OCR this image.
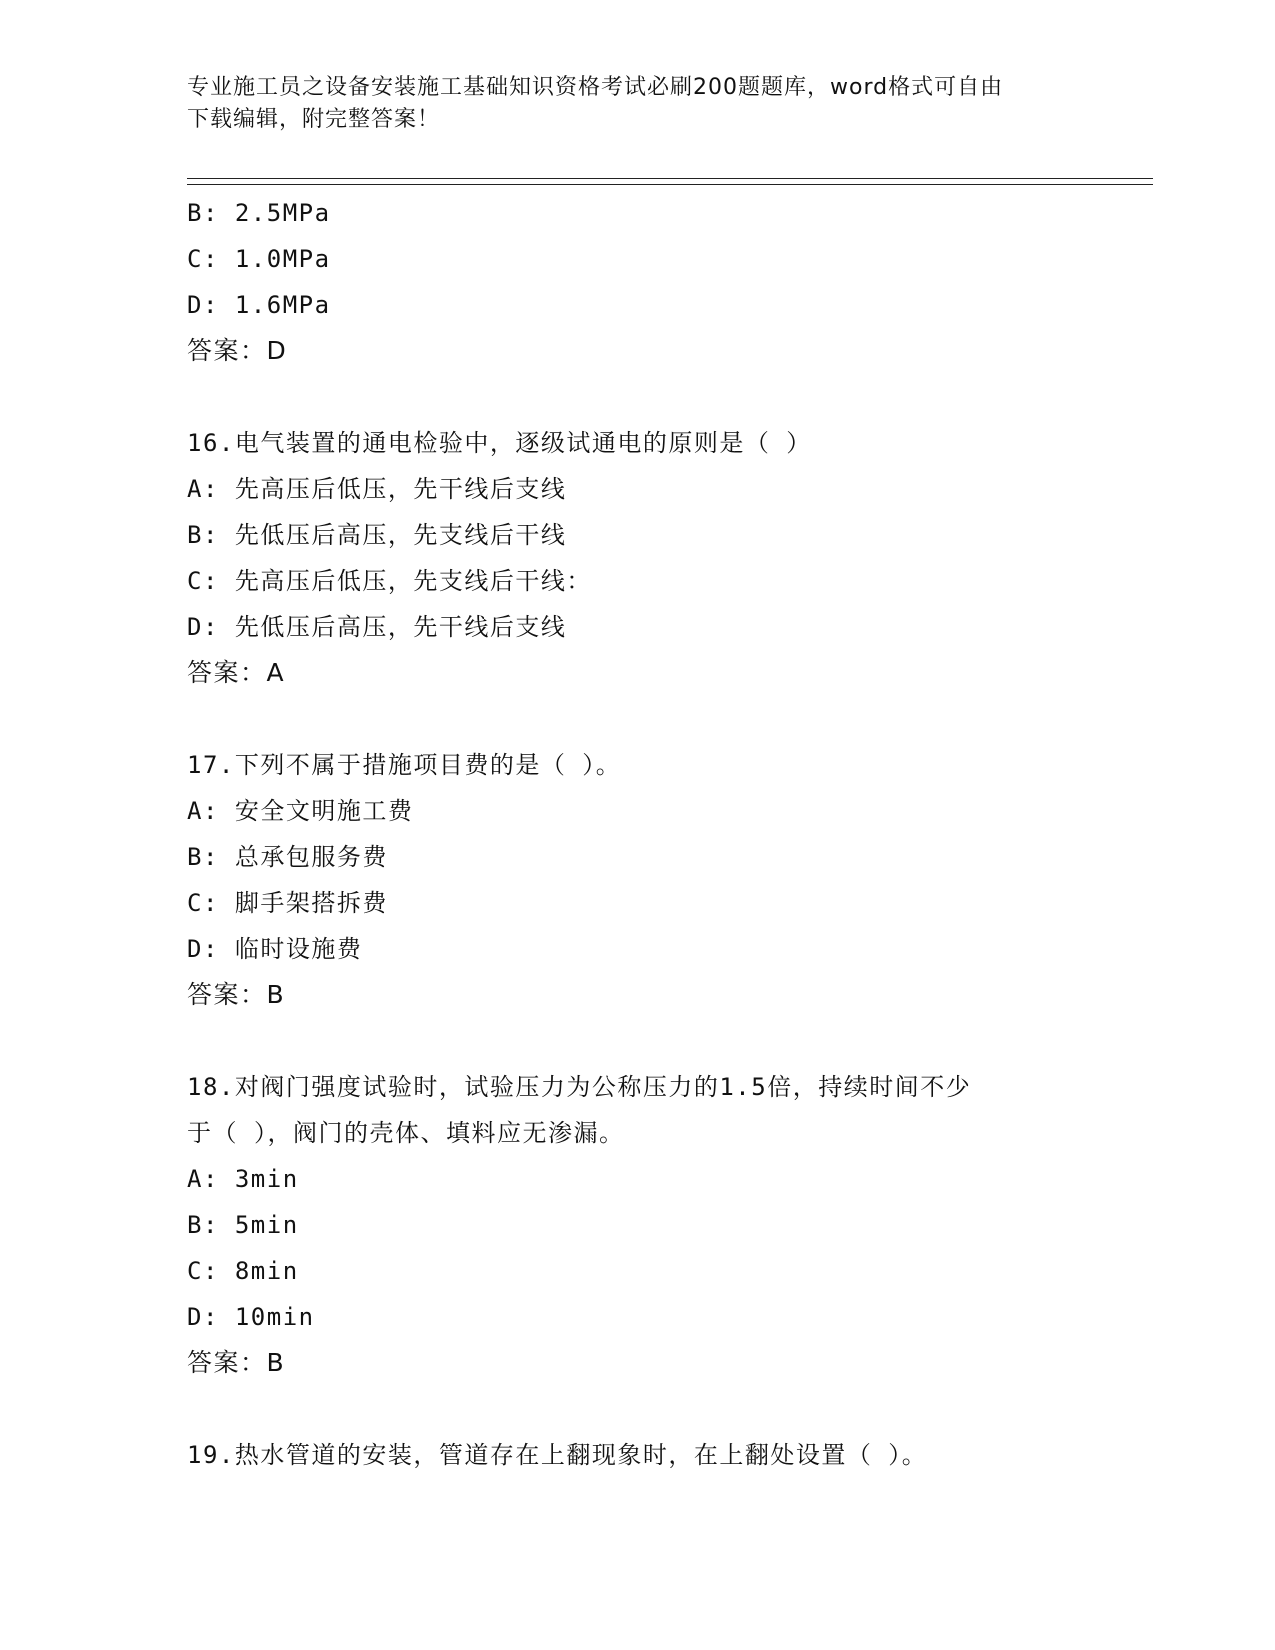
专业施工员之设备安装施工基础知识资格考试必刷200题题库，word格式可自由
下载编辑，附完整答案！
B: 2.5MPa
C: 1.0MPa
D: 1.6MPa
答案：D
16.电气装置的通电检验中，逐级试通电的原则是（ ）
A: 先高压后低压，先干线后支线
B: 先低压后高压，先支线后干线
C: 先高压后低压，先支线后干线：
D: 先低压后高压，先干线后支线
答案：A
17.下列不属于措施项目费的是（ ）。
A: 安全文明施工费
B: 总承包服务费
C: 脚手架搭拆费
D: 临时设施费
答案：B
18.对阀门强度试验时，试验压力为公称压力的1.5倍，持续时间不少
于（ ），阀门的壳体、填料应无渗漏。
A: 3min
B: 5min
C: 8min
D: 10min
答案：B
19.热水管道的安装，管道存在上翻现象时，在上翻处设置（ ）。
